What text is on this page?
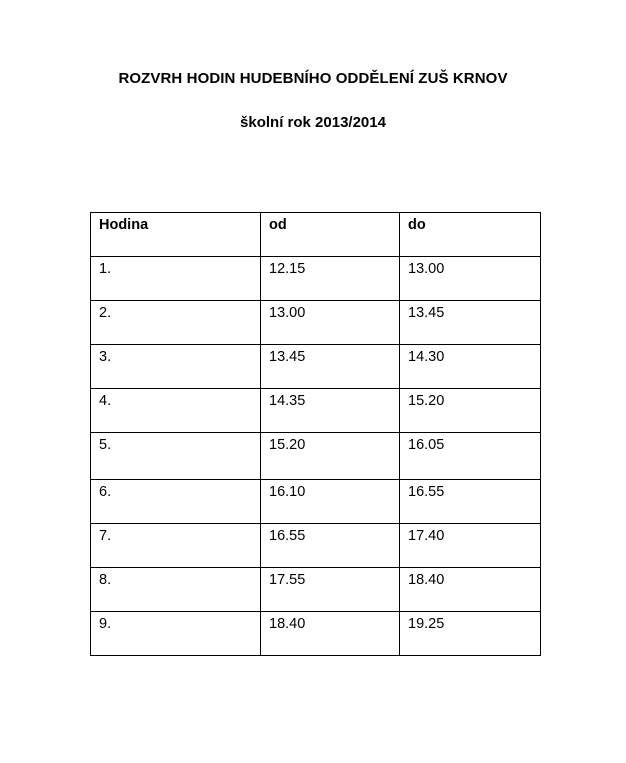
ROZVRH HODIN HUDEBNÍHO ODDĚLENÍ ZUŠ KRNOV
školní rok 2013/2014
Hodina	od	do
1.	12.15	13.00
2.	13.00	13.45
3.	13.45	14.30
4.	14.35	15.20
5.	15.20	16.05
6.	16.10	16.55
7.	16.55	17.40
8.	17.55	18.40
9.	18.40	19.25
